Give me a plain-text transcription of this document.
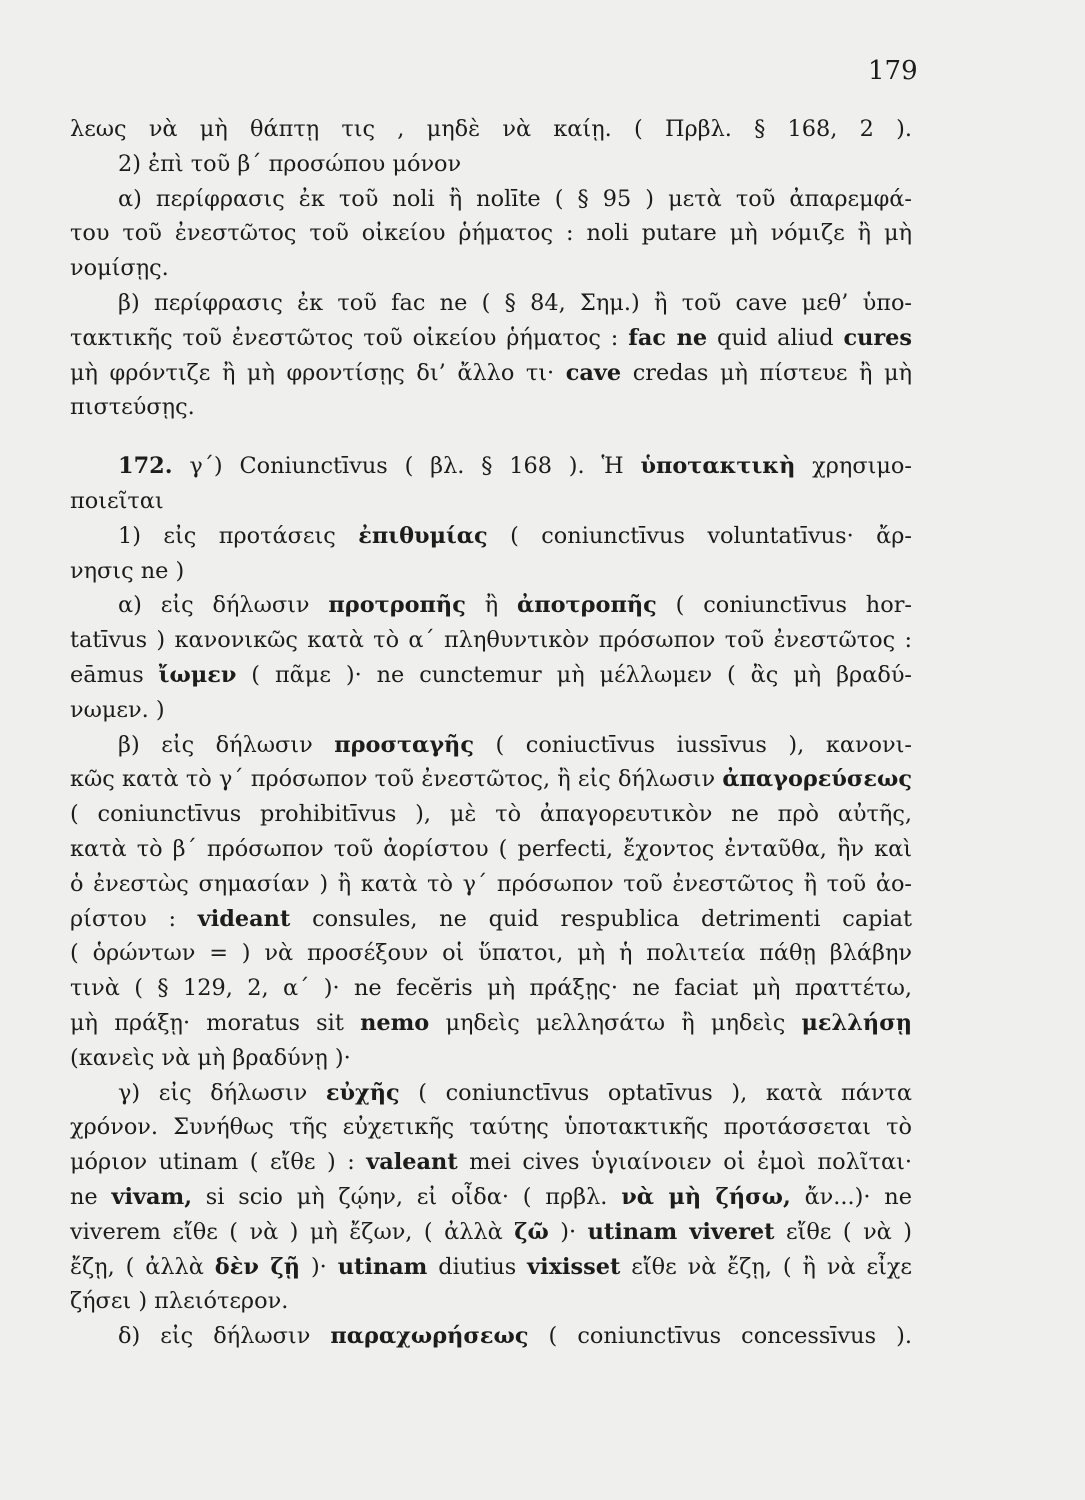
179

λεως νὰ μὴ θάπτῃ τις , μηδὲ νὰ καίῃ. ( Πρβλ. § 168, 2 ).

2) ἐπὶ τοῦ β΄ προσώπου μόνον

α) περίφρασις ἐκ τοῦ noli ἢ nolīte ( § 95 ) μετὰ τοῦ ἀπαρεμφά-

του τοῦ ἐνεστῶτος τοῦ οἰκείου ῥήματος : noli putare μὴ νόμιζε ἢ μὴ

νομίσῃς.

β) περίφρασις ἐκ τοῦ fac ne ( § 84, Σημ.) ἢ τοῦ cave μεθ’ ὑπο-

τακτικῆς τοῦ ἐνεστῶτος τοῦ οἰκείου ῥήματος : fac ne quid aliud cures

μὴ φρόντιζε ἢ μὴ φροντίσῃς δι’ ἄλλο τι· cave credas μὴ πίστευε ἢ μὴ

πιστεύσῃς.

172. γ΄) Coniunctīvus ( βλ. § 168 ). Ἡ ὑποτακτικὴ χρησιμο-

ποιεῖται

1) εἰς προτάσεις ἐπιθυμίας ( coniunctīvus voluntatīvus· ἄρ-

νησις ne )

α) εἰς δήλωσιν προτροπῆς ἢ ἀποτροπῆς ( coniunctīvus hor-

tatīvus ) κανονικῶς κατὰ τὸ α΄ πληθυντικὸν πρόσωπον τοῦ ἐνεστῶτος :

eāmus ἴωμεν ( πᾶμε )· ne cunctemur μὴ μέλλωμεν ( ἂς μὴ βραδύ-

νωμεν. )

β) εἰς δήλωσιν προσταγῆς ( coniuctīvus iussīvus ), κανονι-

κῶς κατὰ τὸ γ΄ πρόσωπον τοῦ ἐνεστῶτος, ἢ εἰς δήλωσιν ἀπαγορεύσεως

( coniunctīvus prohibitīvus ), μὲ τὸ ἀπαγορευτικὸν ne πρὸ αὐτῆς,

κατὰ τὸ β΄ πρόσωπον τοῦ ἀορίστου ( perfecti, ἔχοντος ἐνταῦθα, ἣν καὶ

ὁ ἐνεστὼς σημασίαν ) ἢ κατὰ τὸ γ΄ πρόσωπον τοῦ ἐνεστῶτος ἢ τοῦ ἀο-

ρίστου : videant consules, ne quid respublica detrimenti capiat

( ὁρώντων = ) νὰ προσέξουν οἱ ὕπατοι, μὴ ἡ πολιτεία πάθῃ βλάβην

τινὰ ( § 129, 2, α΄ )· ne fecĕris μὴ πράξῃς· ne faciat μὴ πραττέτω,

μὴ πράξῃ· moratus sit nemo μηδεὶς μελλησάτω ἢ μηδεὶς μελλήσῃ

(κανεὶς νὰ μὴ βραδύνῃ )·

γ) εἰς δήλωσιν εὐχῆς ( coniunctīvus optatīvus ), κατὰ πάντα

χρόνον. Συνήθως τῆς εὐχετικῆς ταύτης ὑποτακτικῆς προτάσσεται τὸ

μόριον utinam ( εἴθε ) : valeant mei cives ὑγιαίνοιεν οἱ ἐμοὶ πολῖται·

ne vivam, si scio μὴ ζῴην, εἰ οἶδα· ( πρβλ. νὰ μὴ ζήσω, ἄν...)· ne

viverem εἴθε ( νὰ ) μὴ ἔζων, ( ἀλλὰ ζῶ )· utinam viveret εἴθε ( νὰ )

ἔζῃ, ( ἀλλὰ δὲν ζῇ )· utinam diutius vixisset εἴθε νὰ ἔζῃ, ( ἢ νὰ εἶχε

ζήσει ) πλειότερον.

δ) εἰς δήλωσιν παραχωρήσεως ( coniunctīvus concessīvus ).
